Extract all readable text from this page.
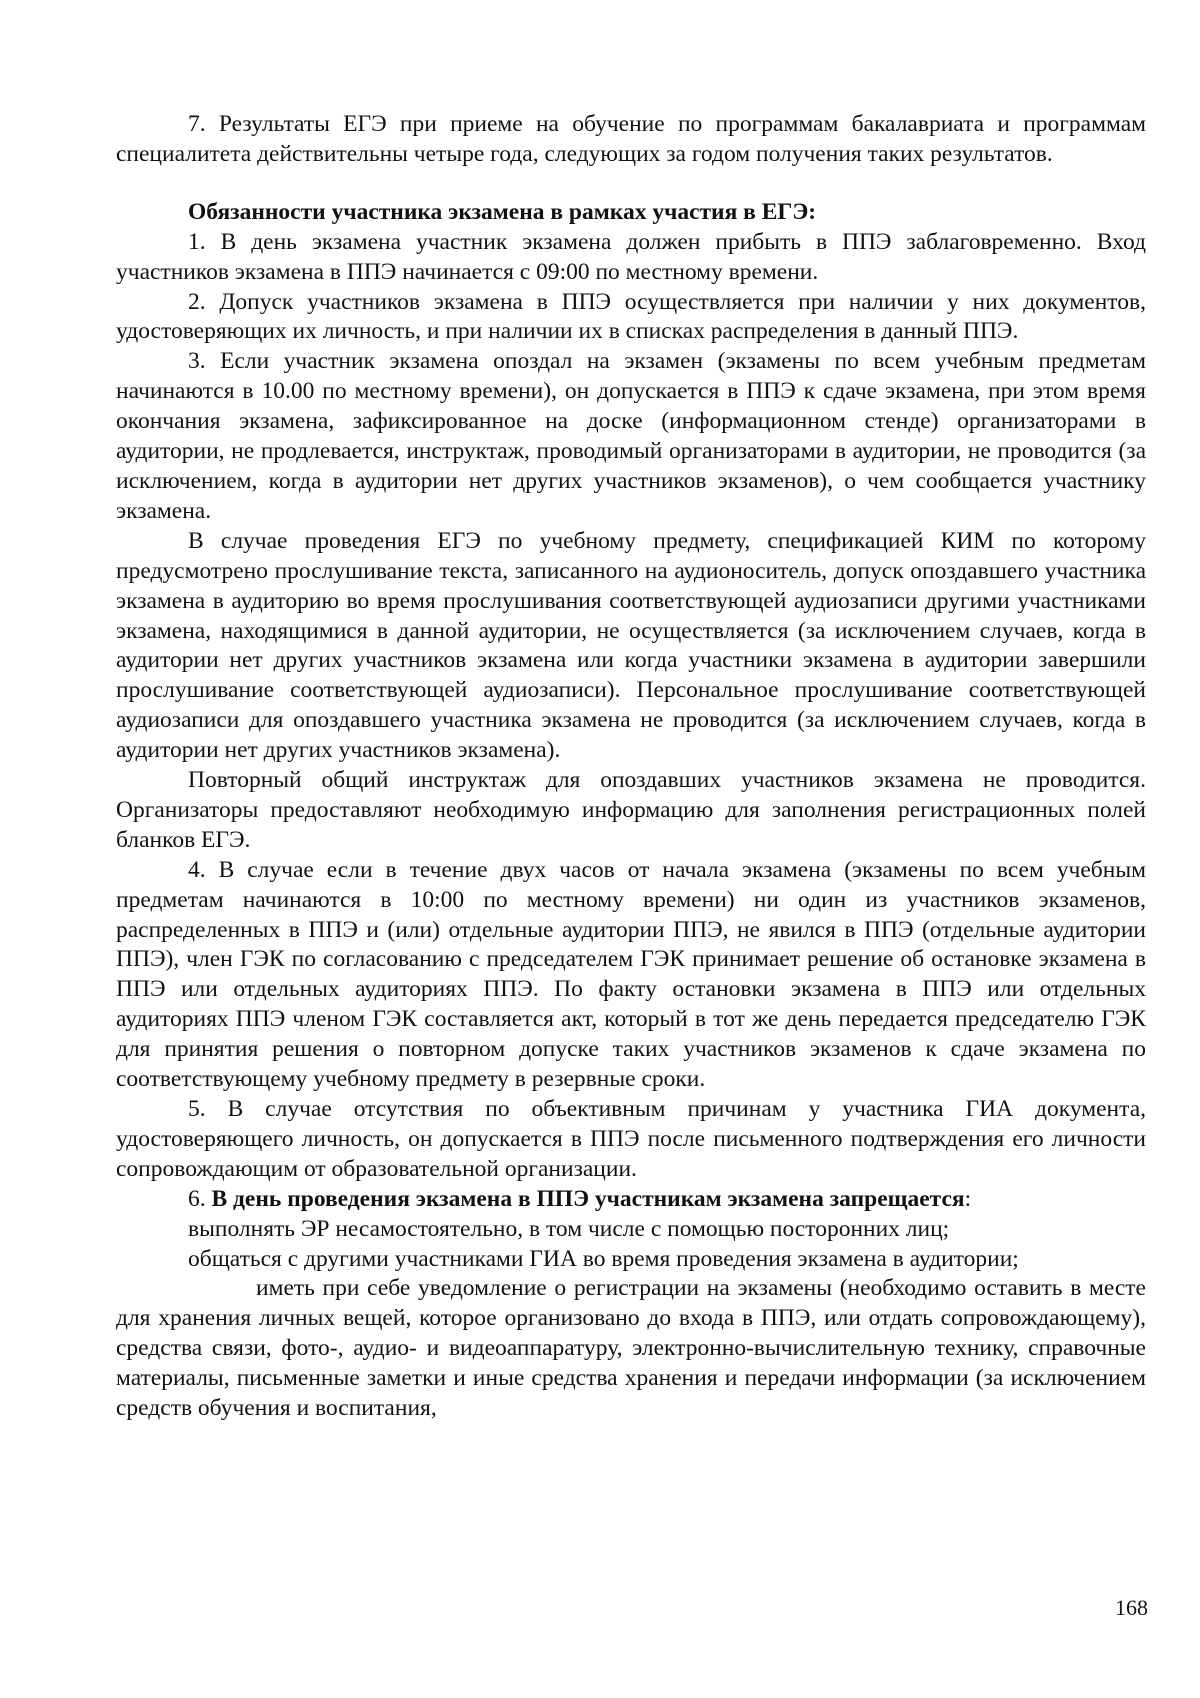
7. Результаты ЕГЭ при приеме на обучение по программам бакалавриата и программам специалитета действительны четыре года, следующих за годом получения таких результатов.

Обязанности участника экзамена в рамках участия в ЕГЭ:

1. В день экзамена участник экзамена должен прибыть в ППЭ заблаговременно. Вход участников экзамена в ППЭ начинается с 09:00 по местному времени.

2. Допуск участников экзамена в ППЭ осуществляется при наличии у них документов, удостоверяющих их личность, и при наличии их в списках распределения в данный ППЭ.

3. Если участник экзамена опоздал на экзамен (экзамены по всем учебным предметам начинаются в 10.00 по местному времени), он допускается в ППЭ к сдаче экзамена, при этом время окончания экзамена, зафиксированное на доске (информационном стенде) организаторами в аудитории, не продлевается, инструктаж, проводимый организаторами в аудитории, не проводится (за исключением, когда в аудитории нет других участников экзаменов), о чем сообщается участнику экзамена.

В случае проведения ЕГЭ по учебному предмету, спецификацией КИМ по которому предусмотрено прослушивание текста, записанного на аудионоситель, допуск опоздавшего участника экзамена в аудиторию во время прослушивания соответствующей аудиозаписи другими участниками экзамена, находящимися в данной аудитории, не осуществляется (за исключением случаев, когда в аудитории нет других участников экзамена или когда участники экзамена в аудитории завершили прослушивание соответствующей аудиозаписи). Персональное прослушивание соответствующей аудиозаписи для опоздавшего участника экзамена не проводится (за исключением случаев, когда в аудитории нет других участников экзамена).

Повторный общий инструктаж для опоздавших участников экзамена не проводится. Организаторы предоставляют необходимую информацию для заполнения регистрационных полей бланков ЕГЭ.

4. В случае если в течение двух часов от начала экзамена (экзамены по всем учебным предметам начинаются в 10:00 по местному времени) ни один из участников экзаменов, распределенных в ППЭ и (или) отдельные аудитории ППЭ, не явился в ППЭ (отдельные аудитории ППЭ), член ГЭК по согласованию с председателем ГЭК принимает решение об остановке экзамена в ППЭ или отдельных аудиториях ППЭ. По факту остановки экзамена в ППЭ или отдельных аудиториях ППЭ членом ГЭК составляется акт, который в тот же день передается председателю ГЭК для принятия решения о повторном допуске таких участников экзаменов к сдаче экзамена по соответствующему учебному предмету в резервные сроки.

5. В случае отсутствия по объективным причинам у участника ГИА документа, удостоверяющего личность, он допускается в ППЭ после письменного подтверждения его личности сопровождающим от образовательной организации.

6. В день проведения экзамена в ППЭ участникам экзамена запрещается:

выполнять ЭР несамостоятельно, в том числе с помощью посторонних лиц;

общаться с другими участниками ГИА во время проведения экзамена в аудитории;

иметь при себе уведомление о регистрации на экзамены (необходимо оставить в месте для хранения личных вещей, которое организовано до входа в ППЭ, или отдать сопровождающему), средства связи, фото-, аудио- и видеоаппаратуру, электронно-вычислительную технику, справочные материалы, письменные заметки и иные средства хранения и передачи информации (за исключением средств обучения и воспитания,

168
